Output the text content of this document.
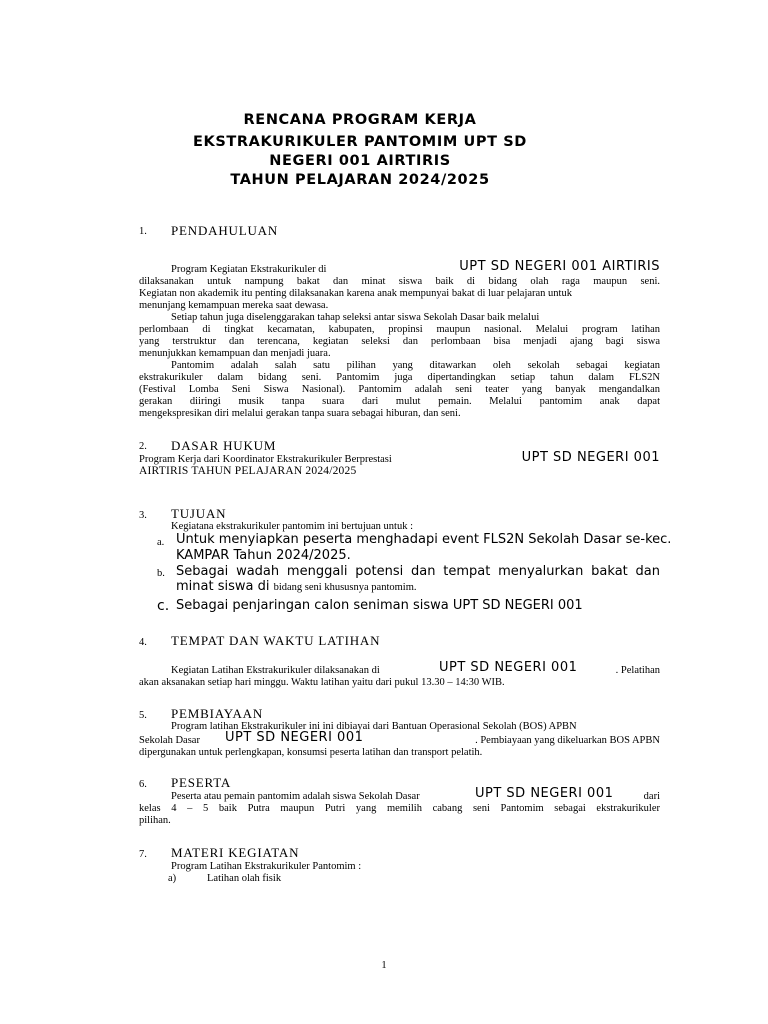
RENCANA PROGRAM KERJA
EKSTRAKURIKULER PANTOMIM UPT SD
NEGERI 001 AIRTIRIS
TAHUN PELAJARAN 2024/2025
1. PENDAHULUAN
Program Kegiatan Ekstrakurikuler di	UPT SD NEGERI 001 AIRTIRIS
dilaksanakan untuk nampung bakat dan minat siswa baik di bidang olah raga maupun seni.
Kegiatan non akademik itu penting dilaksanakan karena anak mempunyai bakat di luar pelajaran untuk
menunjang kemampuan mereka saat dewasa.
Setiap tahun juga diselenggarakan tahap seleksi antar siswa Sekolah Dasar baik melalui
perlombaan di tingkat kecamatan, kabupaten, propinsi maupun nasional. Melalui program latihan
yang terstruktur dan terencana, kegiatan seleksi dan perlombaan bisa menjadi ajang bagi siswa
menunjukkan kemampuan dan menjadi juara.
Pantomim adalah salah satu pilihan yang ditawarkan oleh sekolah sebagai kegiatan
ekstrakurikuler dalam bidang seni. Pantomim juga dipertandingkan setiap tahun dalam FLS2N
(Festival Lomba Seni Siswa Nasional). Pantomim adalah seni teater yang banyak mengandalkan
gerakan diiringi musik tanpa suara dari mulut pemain. Melalui pantomim anak dapat
mengekspresikan diri melalui gerakan tanpa suara sebagai hiburan, dan seni.
2. DASAR HUKUM
Program Kerja dari Koordinator Ekstrakurikuler Berprestasi	UPT SD NEGERI 001
AIRTIRIS TAHUN PELAJARAN 2024/2025
3. TUJUAN
Kegiatana ekstrakurikuler pantomim ini bertujuan untuk :
a. Untuk menyiapkan peserta menghadapi event FLS2N Sekolah Dasar se-kec.
KAMPAR Tahun 2024/2025.
b. Sebagai wadah menggali potensi dan tempat menyalurkan bakat dan
minat siswa di bidang seni khususnya pantomim.
c. Sebagai penjaringan calon seniman siswa UPT SD NEGERI 001
4. TEMPAT DAN WAKTU LATIHAN
Kegiatan Latihan Ekstrakurikuler dilaksanakan di	UPT SD NEGERI 001	. Pelatihan
akan aksanakan setiap hari minggu. Waktu latihan yaitu dari pukul 13.30 – 14:30 WIB.
5. PEMBIAYAAN
Program latihan Ekstrakurikuler ini ini dibiayai dari Bantuan Operasional Sekolah (BOS) APBN
Sekolah Dasar UPT SD NEGERI 001	. Pembiayaan yang dikeluarkan BOS APBN
dipergunakan untuk perlengkapan, konsumsi peserta latihan dan transport pelatih.
6. PESERTA
Peserta atau pemain pantomim adalah siswa Sekolah Dasar	UPT SD NEGERI 001	dari
kelas 4 – 5 baik Putra maupun Putri yang memilih cabang seni Pantomim sebagai ekstrakurikuler
pilihan.
7. MATERI KEGIATAN
Program Latihan Ekstrakurikuler Pantomim :
a)	Latihan olah fisik
1
